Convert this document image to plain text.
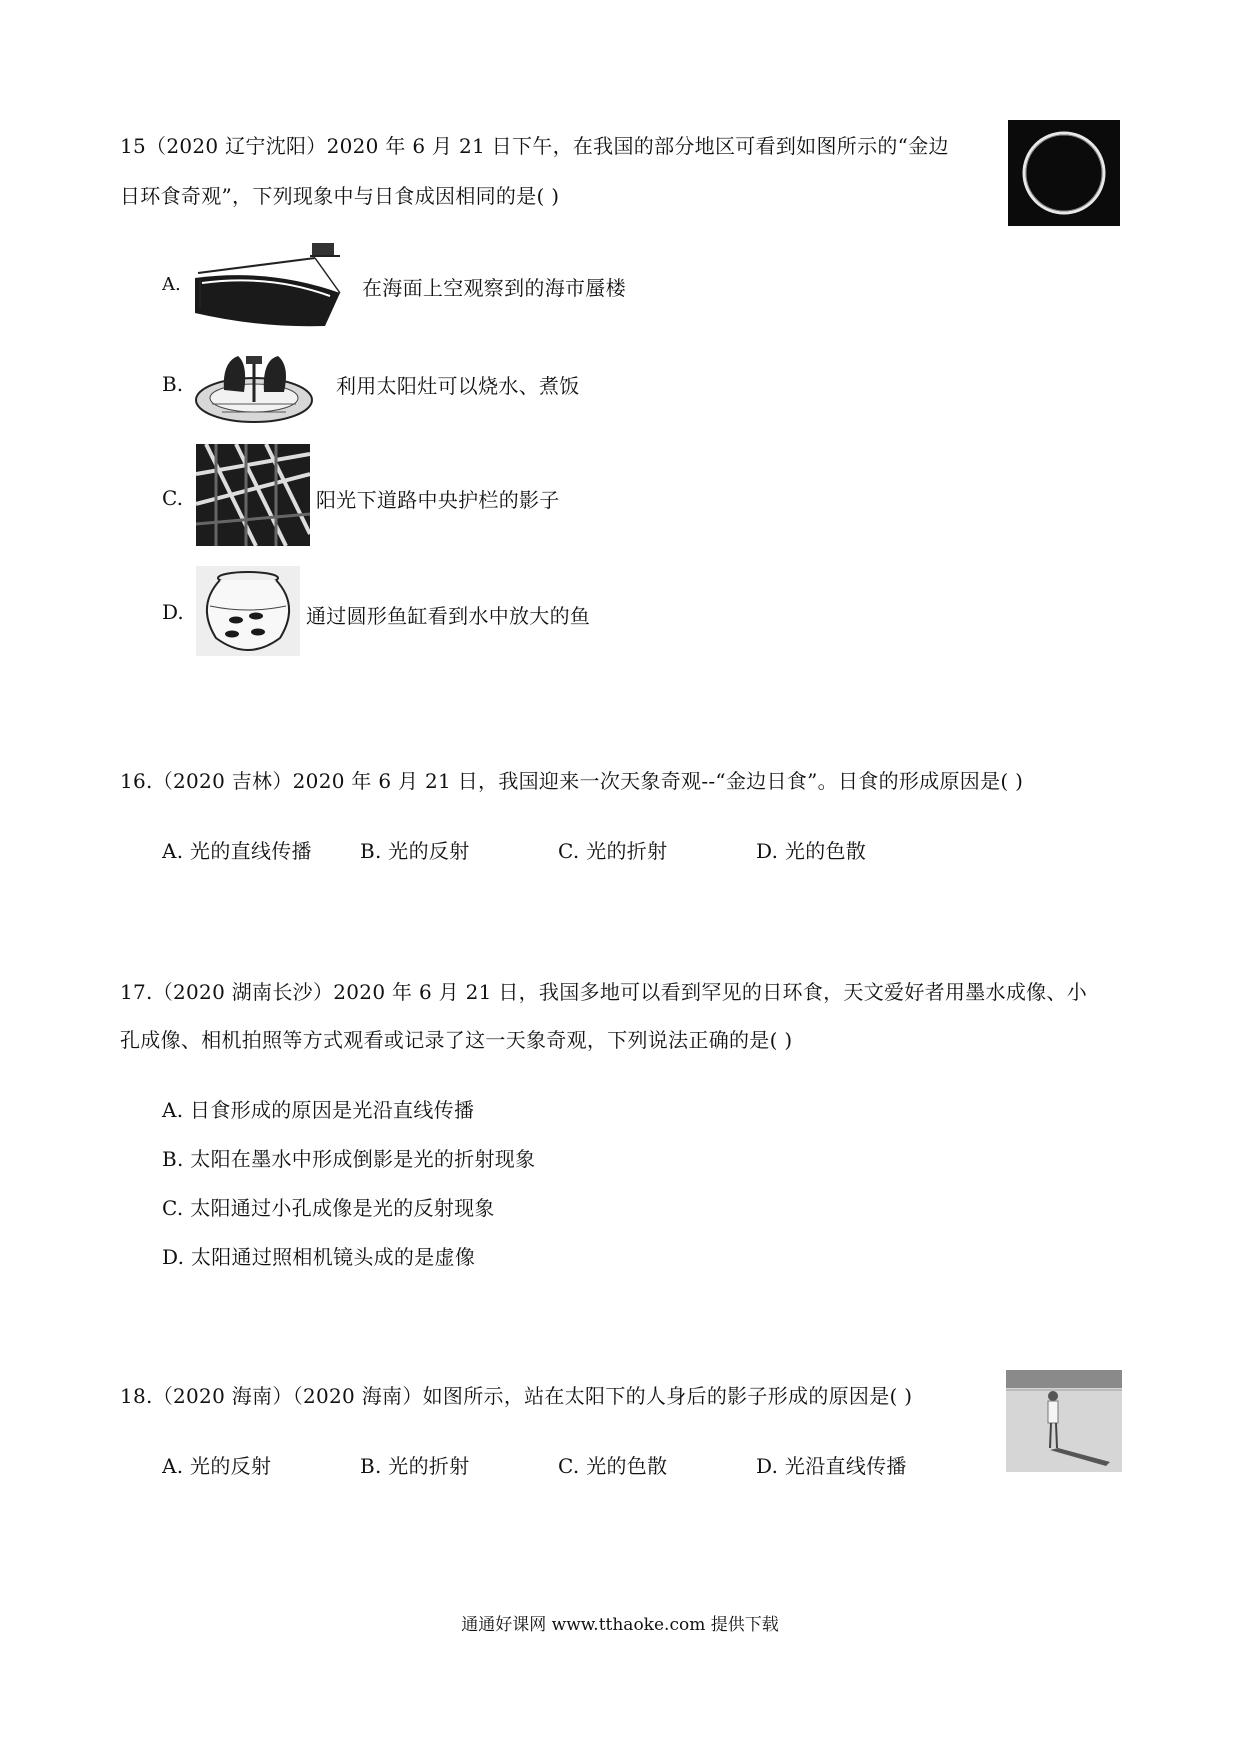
15（2020 辽宁沈阳）2020 年 6 月 21 日下午，在我国的部分地区可看到如图所示的“金边
日环食奇观”，下列现象中与日食成因相同的是( )
A.	在海面上空观察到的海市蜃楼
B.	利用太阳灶可以烧水、煮饭
C.	阳光下道路中央护栏的影子
D.	通过圆形鱼缸看到水中放大的鱼
16.（2020 吉林）2020 年 6 月 21 日，我国迎来一次天象奇观--“金边日食”。日食的形成原因是( )
A. 光的直线传播 B. 光的反射	C. 光的折射	D. 光的色散
17.（2020 湖南长沙）2020 年 6 月 21 日，我国多地可以看到罕见的日环食，天文爱好者用墨水成像、小
孔成像、相机拍照等方式观看或记录了这一天象奇观，下列说法正确的是( )
A. 日食形成的原因是光沿直线传播
B. 太阳在墨水中形成倒影是光的折射现象
C. 太阳通过小孔成像是光的反射现象
D. 太阳通过照相机镜头成的是虚像
18.（2020 海南）（2020 海南）如图所示，站在太阳下的人身后的影子形成的原因是( )
A. 光的反射	B. 光的折射	C. 光的色散	D. 光沿直线传播
通通好课网 www.tthaoke.com 提供下载
